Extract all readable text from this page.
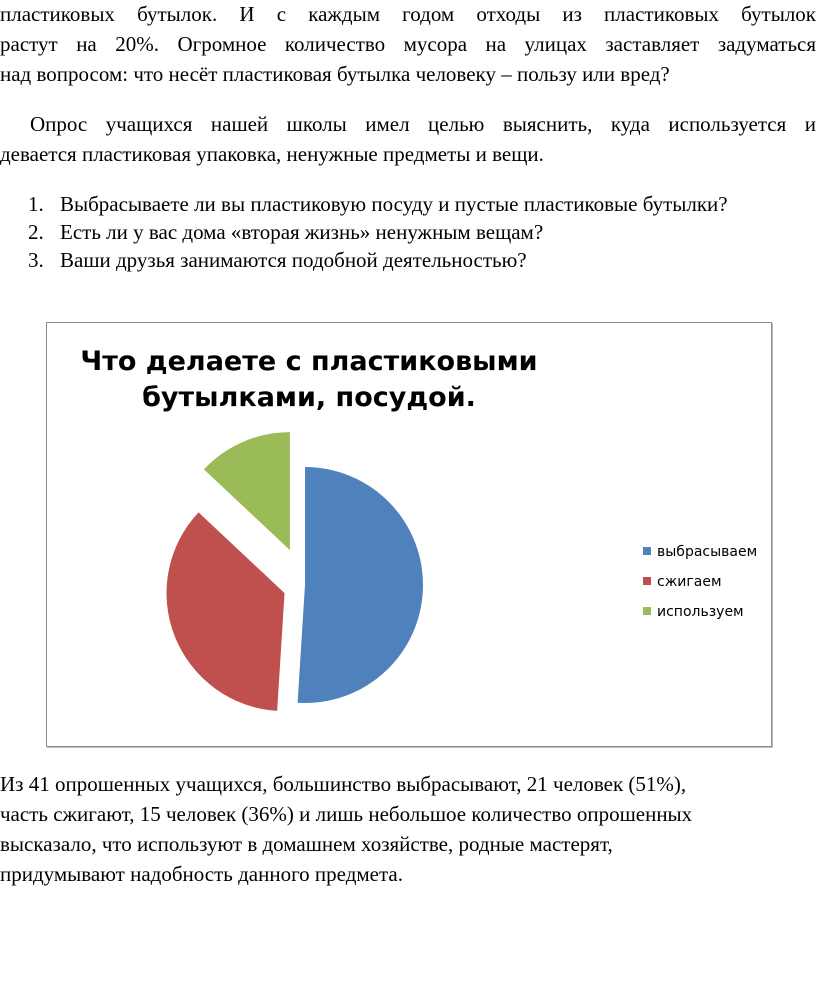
пластиковых бутылок. И с каждым годом отходы из пластиковых бутылок
растут на 20%. Огромное количество мусора на улицах заставляет задуматься
над вопросом: что несёт пластиковая бутылка человеку – пользу или вред?
Опрос учащихся нашей школы имел целью выяснить, куда используется и
девается пластиковая упаковка, ненужные предметы и вещи.
1. Выбрасываете ли вы пластиковую посуду и пустые пластиковые бутылки?
2. Есть ли у вас дома «вторая жизнь» ненужным вещам?
3. Ваши друзья занимаются подобной деятельностью?
Что делаете с пластиковыми
бутылками, посудой.
выбрасываем
сжигаем
используем
Из 41 опрошенных учащихся, большинство выбрасывают, 21 человек (51%),
часть сжигают, 15 человек (36%) и лишь небольшое количество опрошенных
высказало, что используют в домашнем хозяйстве, родные мастерят,
придумывают надобность данного предмета.
